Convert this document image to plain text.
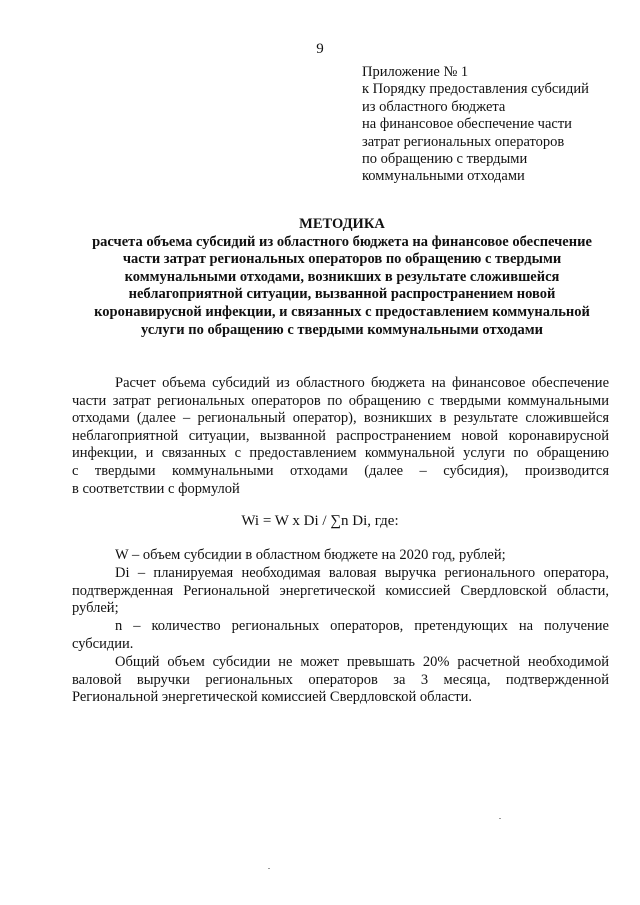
9
Приложение № 1
к Порядку предоставления субсидий
из областного бюджета
на финансовое обеспечение части
затрат региональных операторов
по обращению с твердыми
коммунальными отходами
МЕТОДИКА
расчета объема субсидий из областного бюджета на финансовое обеспечение
части затрат региональных операторов по обращению с твердыми
коммунальными отходами, возникших в результате сложившейся
неблагоприятной ситуации, вызванной распространением новой
коронавирусной инфекции, и связанных с предоставлением коммунальной
услуги по обращению с твердыми коммунальными отходами
Расчет объема субсидий из областного бюджета на финансовое обеспечение
части затрат региональных операторов по обращению с твердыми коммунальными
отходами (далее – региональный оператор), возникших в результате сложившейся
неблагоприятной ситуации, вызванной распространением новой коронавирусной
инфекции, и связанных с предоставлением коммунальной услуги по обращению
с твердыми коммунальными отходами (далее – субсидия), производится
в соответствии с формулой
Wi = W x Di / ∑n Di, где:
W – объем субсидии в областном бюджете на 2020 год, рублей;
Di – планируемая необходимая валовая выручка регионального оператора,
подтвержденная Региональной энергетической комиссией Свердловской области,
рублей;
n – количество региональных операторов, претендующих на получение
субсидии.
Общий объем субсидии не может превышать 20% расчетной необходимой
валовой выручки региональных операторов за 3 месяца, подтвержденной
Региональной энергетической комиссией Свердловской области.
